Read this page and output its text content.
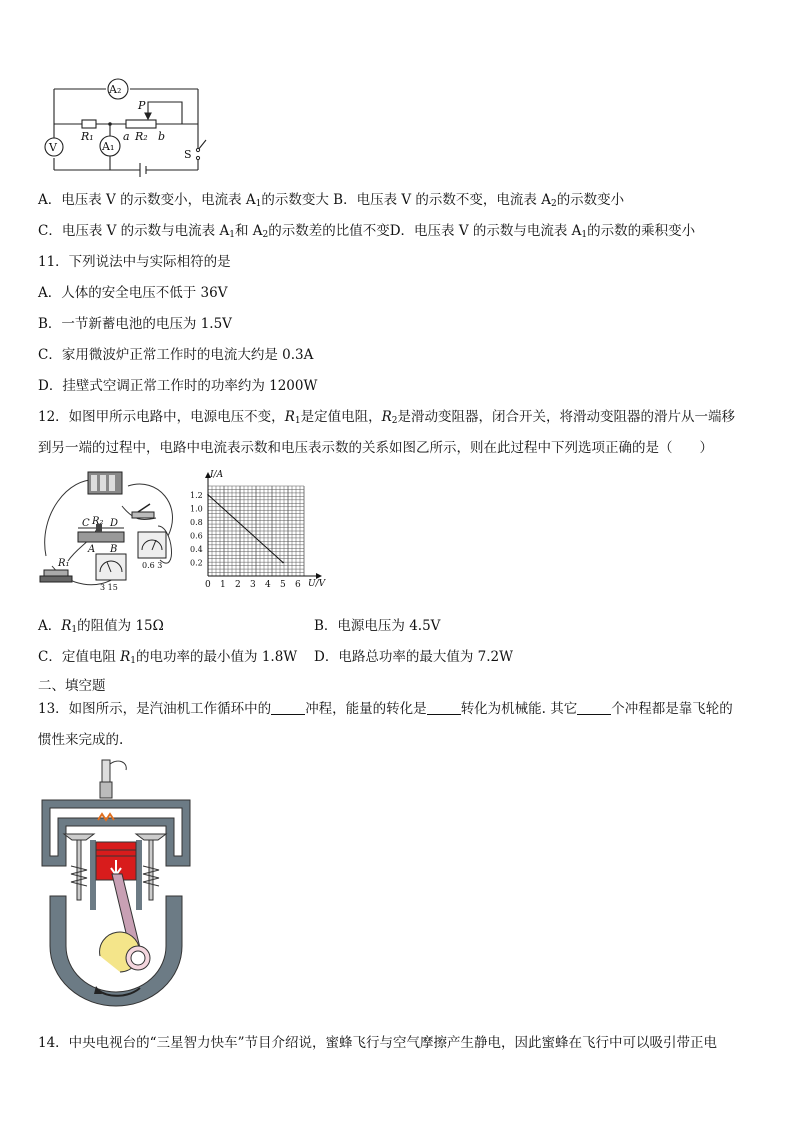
A₂
P
R₁	R₂
a	b
V	A₁
S
A．电压表 V 的示数变小，电流表 $A_1$的示数变大 B．电压表 V 的示数不变，电流表 $A_2$的示数变小
C．电压表 V 的示数与电流表 $A_1$和 $A_2$的示数差的比值不变D．电压表 V 的示数与电流表 $A_1$的示数的乘积变小
11．下列说法中与实际相符的是
A．人体的安全电压不低于 36V
B．一节新蓄电池的电压为 1.5V
C．家用微波炉正常工作时的电流大约是 0.3A
D．挂壁式空调正常工作时的功率约为 1200W
12．如图甲所示电路中，电源电压不变，$R_1$是定值电阻，$R_2$是滑动变阻器，闭合开关，将滑动变阻器的滑片从一端移
到另一端的过程中，电路中电流表示数和电压表示数的关系如图乙所示，则在此过程中下列选项正确的是（　　）
C R₂ D
A B
R₁	0.6 3
3 15	0 1 2 3 4 5 6
0.2
0.4
0.6
0.8
1.0
1.2
I/A
U/V
A．$R_1$的阻值为 15Ω	B．电源电压为 4.5V
C．定值电阻 $R_1$的电功率的最小值为 1.8W D．电路总功率的最大值为 7.2W
二、填空题
13．如图所示，是汽油机工作循环中的	冲程，能量的转化是	转化为机械能. 其它	个冲程都是靠飞轮的
惯性来完成的.
14．中央电视台的“三星智力快车”节目介绍说，蜜蜂飞行与空气摩擦产生静电，因此蜜蜂在飞行中可以吸引带正电
